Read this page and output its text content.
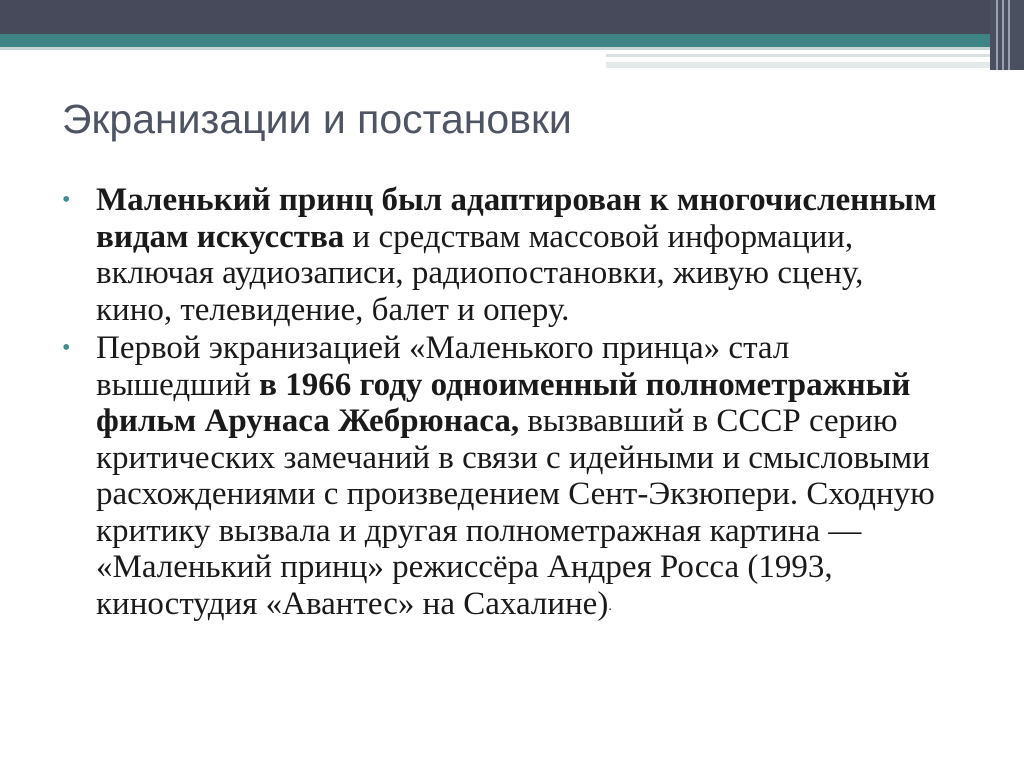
Экранизации и постановки
• Маленький принц был адаптирован к многочисленным видам искусства и средствам массовой информации, включая аудиозаписи, радиопостановки, живую сцену, кино, телевидение, балет и оперу.
• Первой экранизацией «Маленького принца» стал вышедший в 1966 году одноименный полнометражный фильм Арунаса Жебрюнаса, вызвавший в СССР серию критических замечаний в связи с идейными и смысловыми расхождениями с произведением Сент-Экзюпери. Сходную критику вызвала и другая полнометражная картина — «Маленький принц» режиссёра Андрея Росса (1993, киностудия «Авантес» на Сахалине).
